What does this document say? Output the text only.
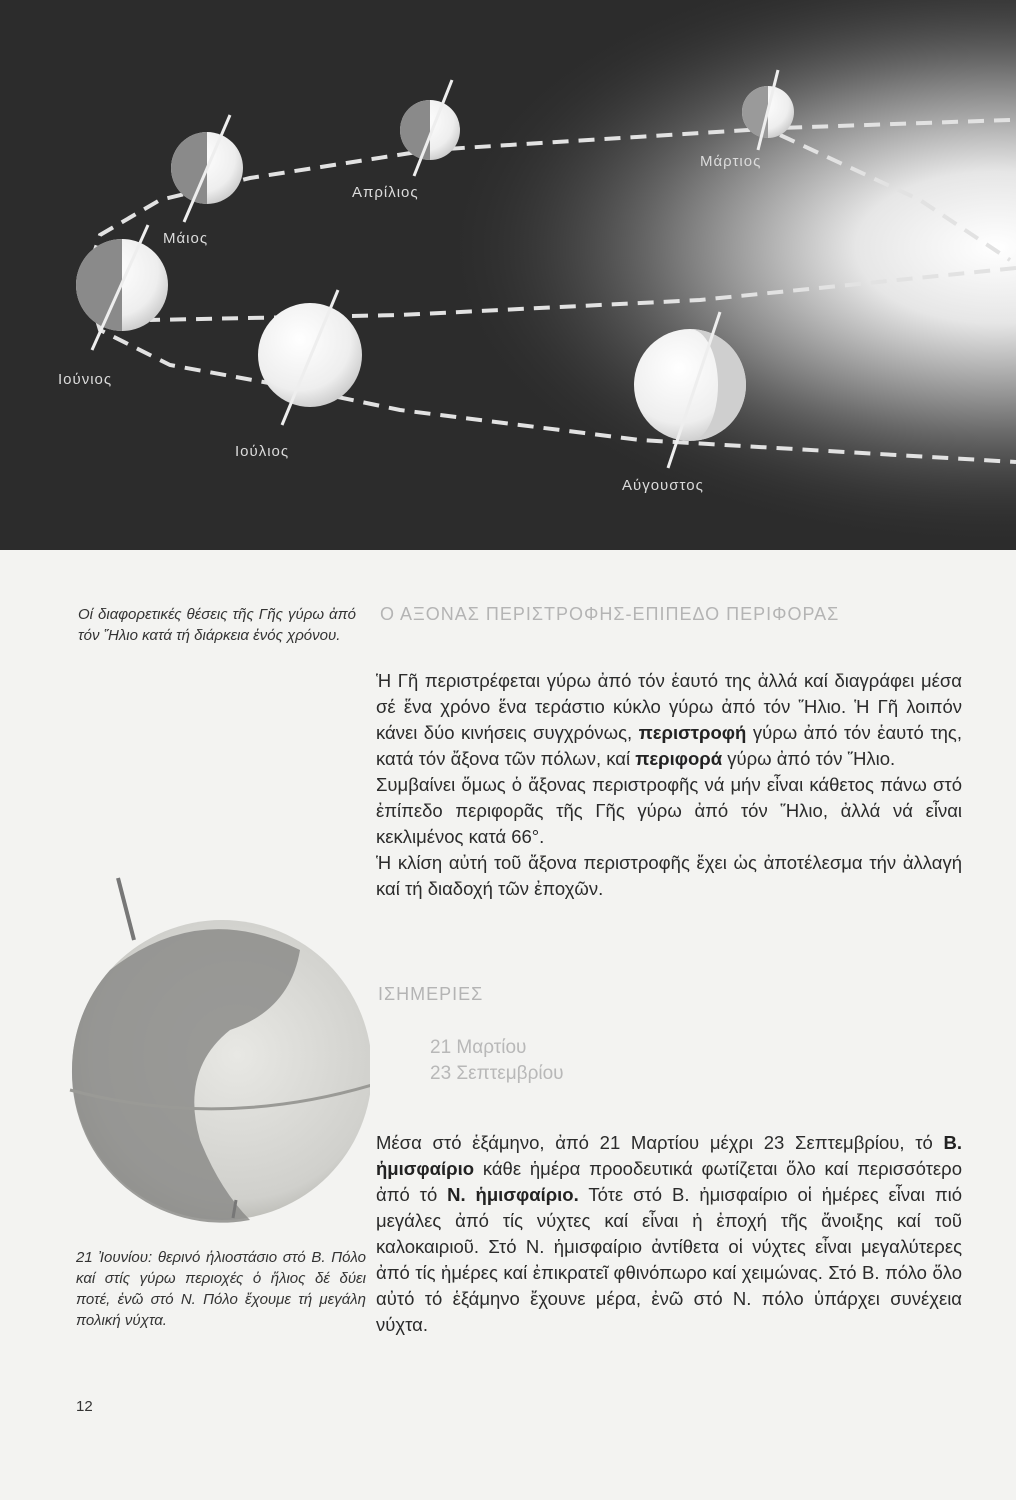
Μάρτιος
Απρίλιος
Μάιος
Ιούνιος
Ιούλιος
Αύγουστος
Οί διαφορετικές θέσεις τῆς Γῆς γύρω ἀπό τόν Ἥλιο κατά τή διάρκεια ἑνός χρόνου.
Ο ΑΞΟΝΑΣ ΠΕΡΙΣΤΡΟΦΗΣ-ΕΠΙΠΕΔΟ ΠΕΡΙΦΟΡΑΣ
Ἡ Γῆ περιστρέφεται γύρω ἀπό τόν ἑαυτό της ἀλλά καί διαγράφει μέσα σέ ἕνα χρόνο ἕνα τεράστιο κύκλο γύρω ἀπό τόν Ἥλιο. Ἡ Γῆ λοιπόν κάνει δύο κινήσεις συγχρόνως, περιστροφή γύρω ἀπό τόν ἑαυτό της, κατά τόν ἄξονα τῶν πόλων, καί περιφορά γύρω ἀπό τόν Ἥλιο.
Συμβαίνει ὅμως ὁ ἄξονας περιστροφῆς νά μήν εἶναι κάθετος πάνω στό ἐπίπεδο περιφορᾶς τῆς Γῆς γύρω ἀπό τόν Ἥλιο, ἀλλά νά εἶναι κεκλιμένος κατά 66°.
Ἡ κλίση αὐτή τοῦ ἄξονα περιστροφῆς ἔχει ὡς ἀποτέλεσμα τήν ἀλλαγή καί τή διαδοχή τῶν ἐποχῶν.
ΙΣΗΜΕΡΙΕΣ
21 Μαρτίου
23 Σεπτεμβρίου
Μέσα στό ἑξάμηνο, ἀπό 21 Μαρτίου μέχρι 23 Σεπτεμβρίου, τό Β. ἡμισφαίριο κάθε ἡμέρα προοδευτικά φωτίζεται ὅλο καί περισσότερο ἀπό τό Ν. ἡμισφαίριο. Τότε στό Β. ἡμισφαίριο οἱ ἡμέρες εἶναι πιό μεγάλες ἀπό τίς νύχτες καί εἶναι ἡ ἐποχή τῆς ἄνοιξης καί τοῦ καλοκαιριοῦ. Στό Ν. ἡμισφαίριο ἀντίθετα οἱ νύχτες εἶναι μεγαλύτερες ἀπό τίς ἡμέρες καί ἐπικρατεῖ φθινόπωρο καί χειμώνας. Στό Β. πόλο ὅλο αὐτό τό ἑξάμηνο ἔχουνε μέρα, ἐνῶ στό Ν. πόλο ὑπάρχει συνέχεια νύχτα.
21 Ἰουνίου: θερινό ἡλιοστάσιο στό Β. Πόλο καί στίς γύρω περιοχές ὁ ἥλιος δέ δύει ποτέ, ἐνῶ στό Ν. Πόλο ἔχουμε τή μεγάλη πολική νύχτα.
12
